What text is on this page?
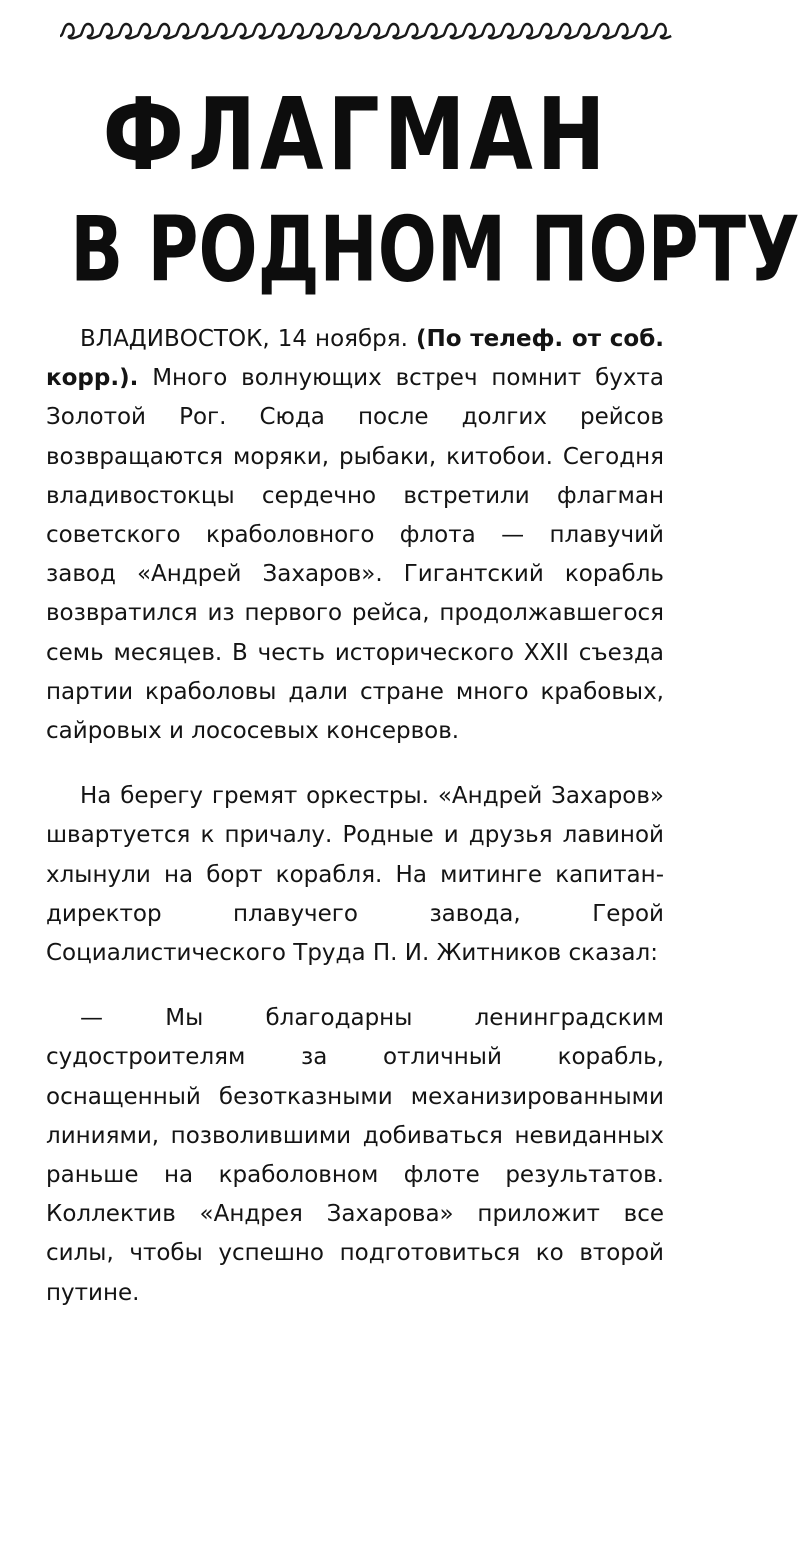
ФЛАГМАН
В РОДНОМ ПОРТУ

ВЛАДИВОСТОК, 14 ноября. (По телеф. от соб. корр.). Много волнующих встреч помнит бухта Золотой Рог. Сюда после долгих рейсов возвращаются моряки, рыбаки, китобои. Сегодня владивостокцы сердечно встретили флагман советского краболовного флота — плавучий завод «Андрей Захаров». Гигантский корабль возвратился из первого рейса, продолжавшегося семь месяцев. В честь исторического XXII съезда партии краболовы дали стране много крабовых, сайровых и лососевых консервов.

На берегу гремят оркестры. «Андрей Захаров» швартуется к причалу. Родные и друзья лавиной хлынули на борт корабля. На митинге капитан-директор плавучего завода, Герой Социалистического Труда П. И. Житников сказал:

— Мы благодарны ленинградским судостроителям за отличный корабль, оснащенный безотказными механизированными линиями, позволившими добиваться невиданных раньше на краболовном флоте результатов. Коллектив «Андрея Захарова» приложит все силы, чтобы успешно подготовиться ко второй путине.
